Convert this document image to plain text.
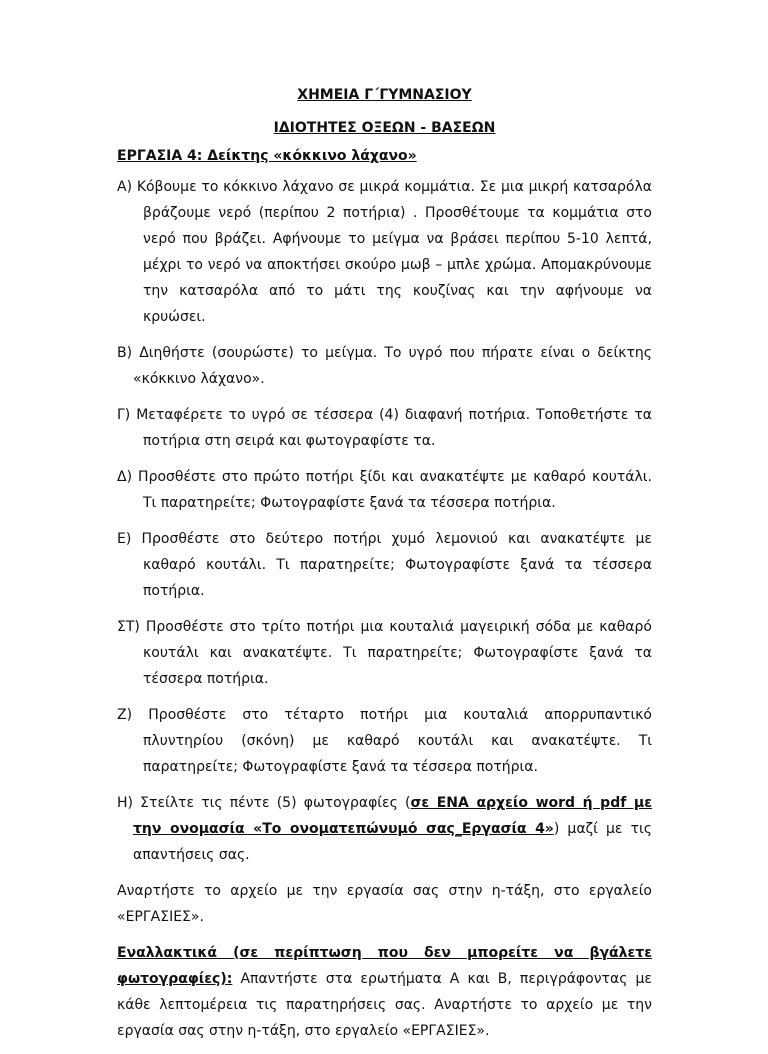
ΧΗΜΕΙΑ Γ΄ΓΥΜΝΑΣΙΟΥ
ΙΔΙΟΤΗΤΕΣ ΟΞΕΩΝ - ΒΑΣΕΩΝ
ΕΡΓΑΣΙΑ 4: Δείκτης «κόκκινο λάχανο»
Α) Κόβουμε το κόκκινο λάχανο σε μικρά κομμάτια. Σε μια μικρή κατσαρόλα βράζουμε νερό (περίπου 2 ποτήρια) . Προσθέτουμε τα κομμάτια στο νερό που βράζει. Αφήνουμε το μείγμα να βράσει περίπου 5-10 λεπτά, μέχρι το νερό να αποκτήσει σκούρο μωβ – μπλε χρώμα. Απομακρύνουμε την κατσαρόλα από το μάτι της κουζίνας και την αφήνουμε να κρυώσει.
Β) Διηθήστε (σουρώστε) το μείγμα. Το υγρό που πήρατε είναι ο δείκτης «κόκκινο λάχανο».
Γ) Μεταφέρετε το υγρό σε τέσσερα (4) διαφανή ποτήρια. Τοποθετήστε τα ποτήρια στη σειρά και φωτογραφίστε τα.
Δ) Προσθέστε στο πρώτο ποτήρι ξίδι και ανακατέψτε με καθαρό κουτάλι. Τι παρατηρείτε; Φωτογραφίστε ξανά τα τέσσερα ποτήρια.
Ε) Προσθέστε στο δεύτερο ποτήρι χυμό λεμονιού και ανακατέψτε με καθαρό κουτάλι. Τι παρατηρείτε; Φωτογραφίστε ξανά τα τέσσερα ποτήρια.
ΣΤ) Προσθέστε στο τρίτο ποτήρι μια κουταλιά μαγειρική σόδα με καθαρό κουτάλι και ανακατέψτε. Τι παρατηρείτε; Φωτογραφίστε ξανά τα τέσσερα ποτήρια.
Ζ) Προσθέστε στο τέταρτο ποτήρι μια κουταλιά απορρυπαντικό πλυντηρίου (σκόνη) με καθαρό κουτάλι και ανακατέψτε. Τι παρατηρείτε; Φωτογραφίστε ξανά τα τέσσερα ποτήρια.
Η) Στείλτε τις πέντε (5) φωτογραφίες (σε ΕΝΑ αρχείο word ή pdf με την ονομασία «Το ονοματεπώνυμό σας_Εργασία 4») μαζί με τις απαντήσεις σας.
Αναρτήστε το αρχείο με την εργασία σας στην η-τάξη, στο εργαλείο «ΕΡΓΑΣΙΕΣ».
Εναλλακτικά (σε περίπτωση που δεν μπορείτε να βγάλετε φωτογραφίες): Απαντήστε στα ερωτήματα Α και Β, περιγράφοντας με κάθε λεπτομέρεια τις παρατηρήσεις σας. Αναρτήστε το αρχείο με την εργασία σας στην η-τάξη, στο εργαλείο «ΕΡΓΑΣΙΕΣ».
